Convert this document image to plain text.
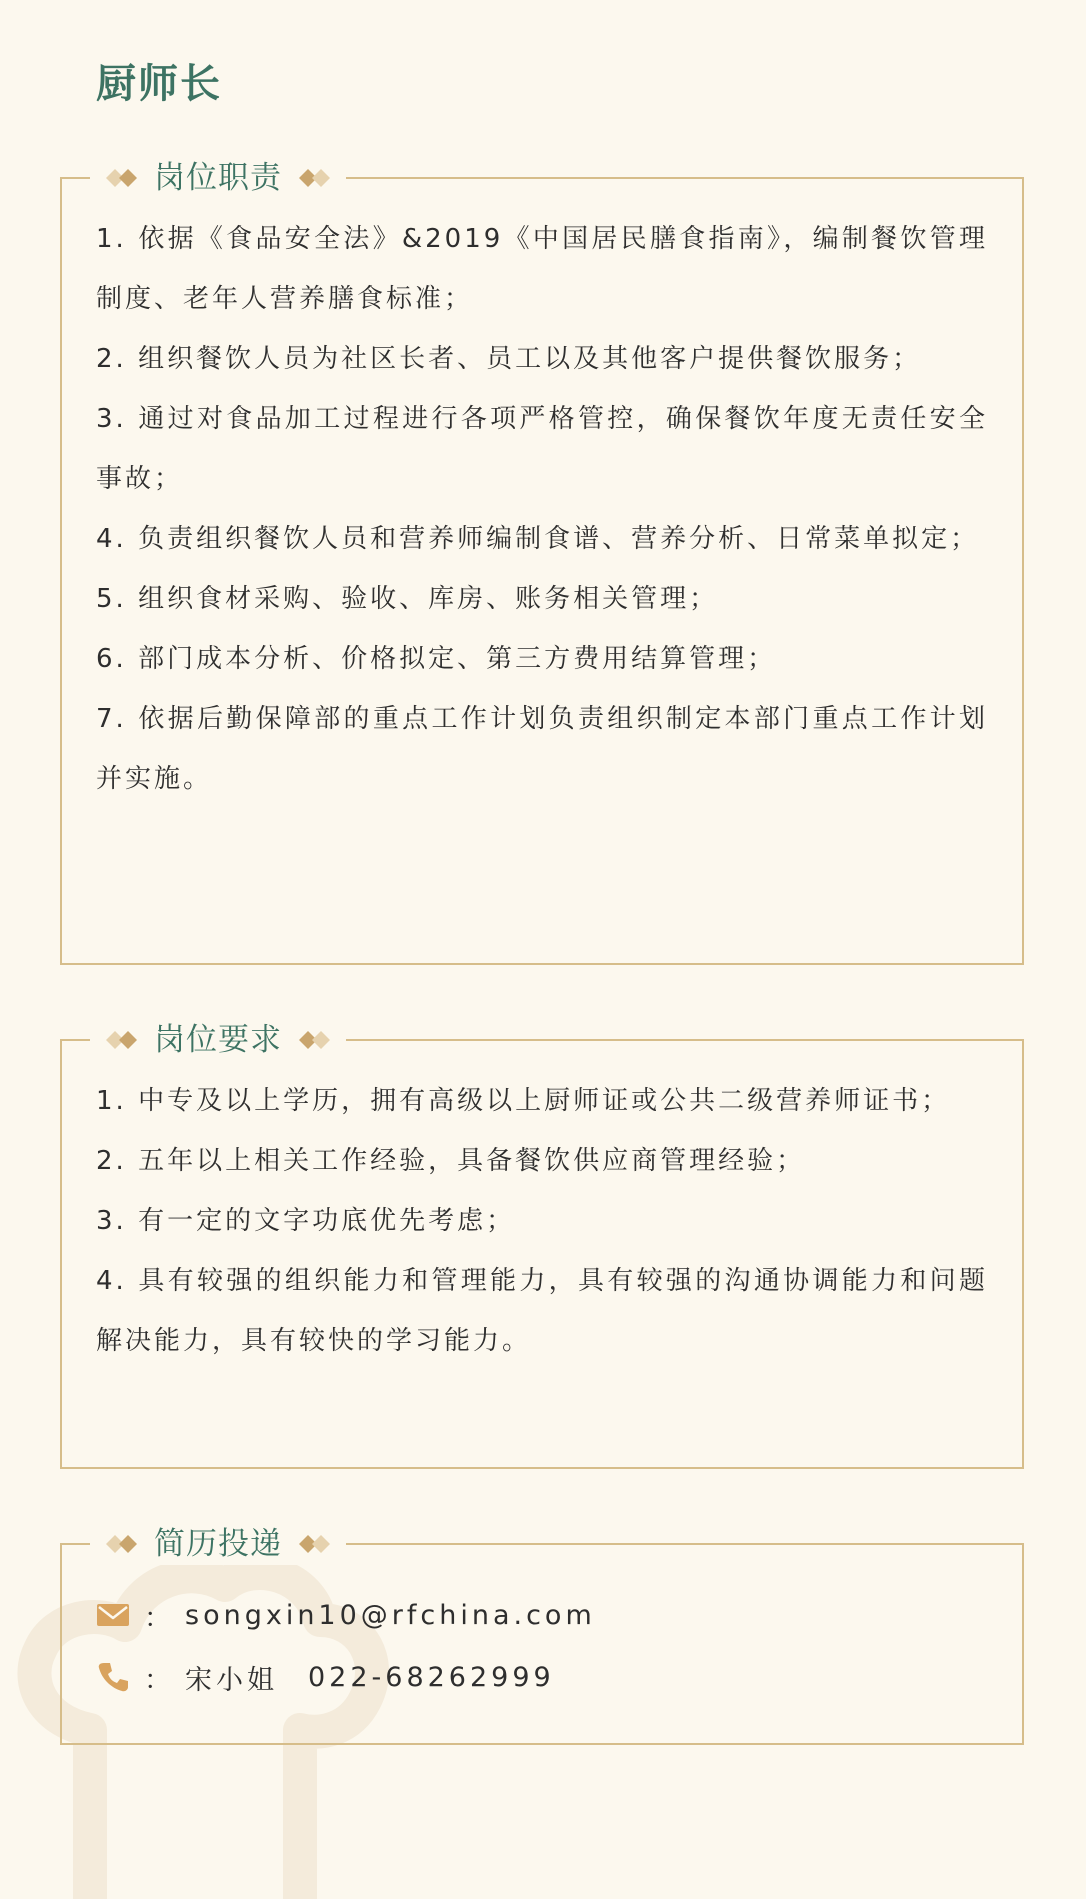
厨师长
岗位职责
1. 依据《食品安全法》&2019《中国居民膳食指南》，编制餐饮管理制度、老年人营养膳食标准；
2. 组织餐饮人员为社区长者、员工以及其他客户提供餐饮服务；
3. 通过对食品加工过程进行各项严格管控，确保餐饮年度无责任安全事故；
4. 负责组织餐饮人员和营养师编制食谱、营养分析、日常菜单拟定；
5. 组织食材采购、验收、库房、账务相关管理；
6. 部门成本分析、价格拟定、第三方费用结算管理；
7. 依据后勤保障部的重点工作计划负责组织制定本部门重点工作计划并实施。
岗位要求
1. 中专及以上学历，拥有高级以上厨师证或公共二级营养师证书；
2. 五年以上相关工作经验，具备餐饮供应商管理经验；
3. 有一定的文字功底优先考虑；
4. 具有较强的组织能力和管理能力，具有较强的沟通协调能力和问题解决能力，具有较快的学习能力。
简历投递
： songxin10@rfchina.com
： 宋小姐 022-68262999
